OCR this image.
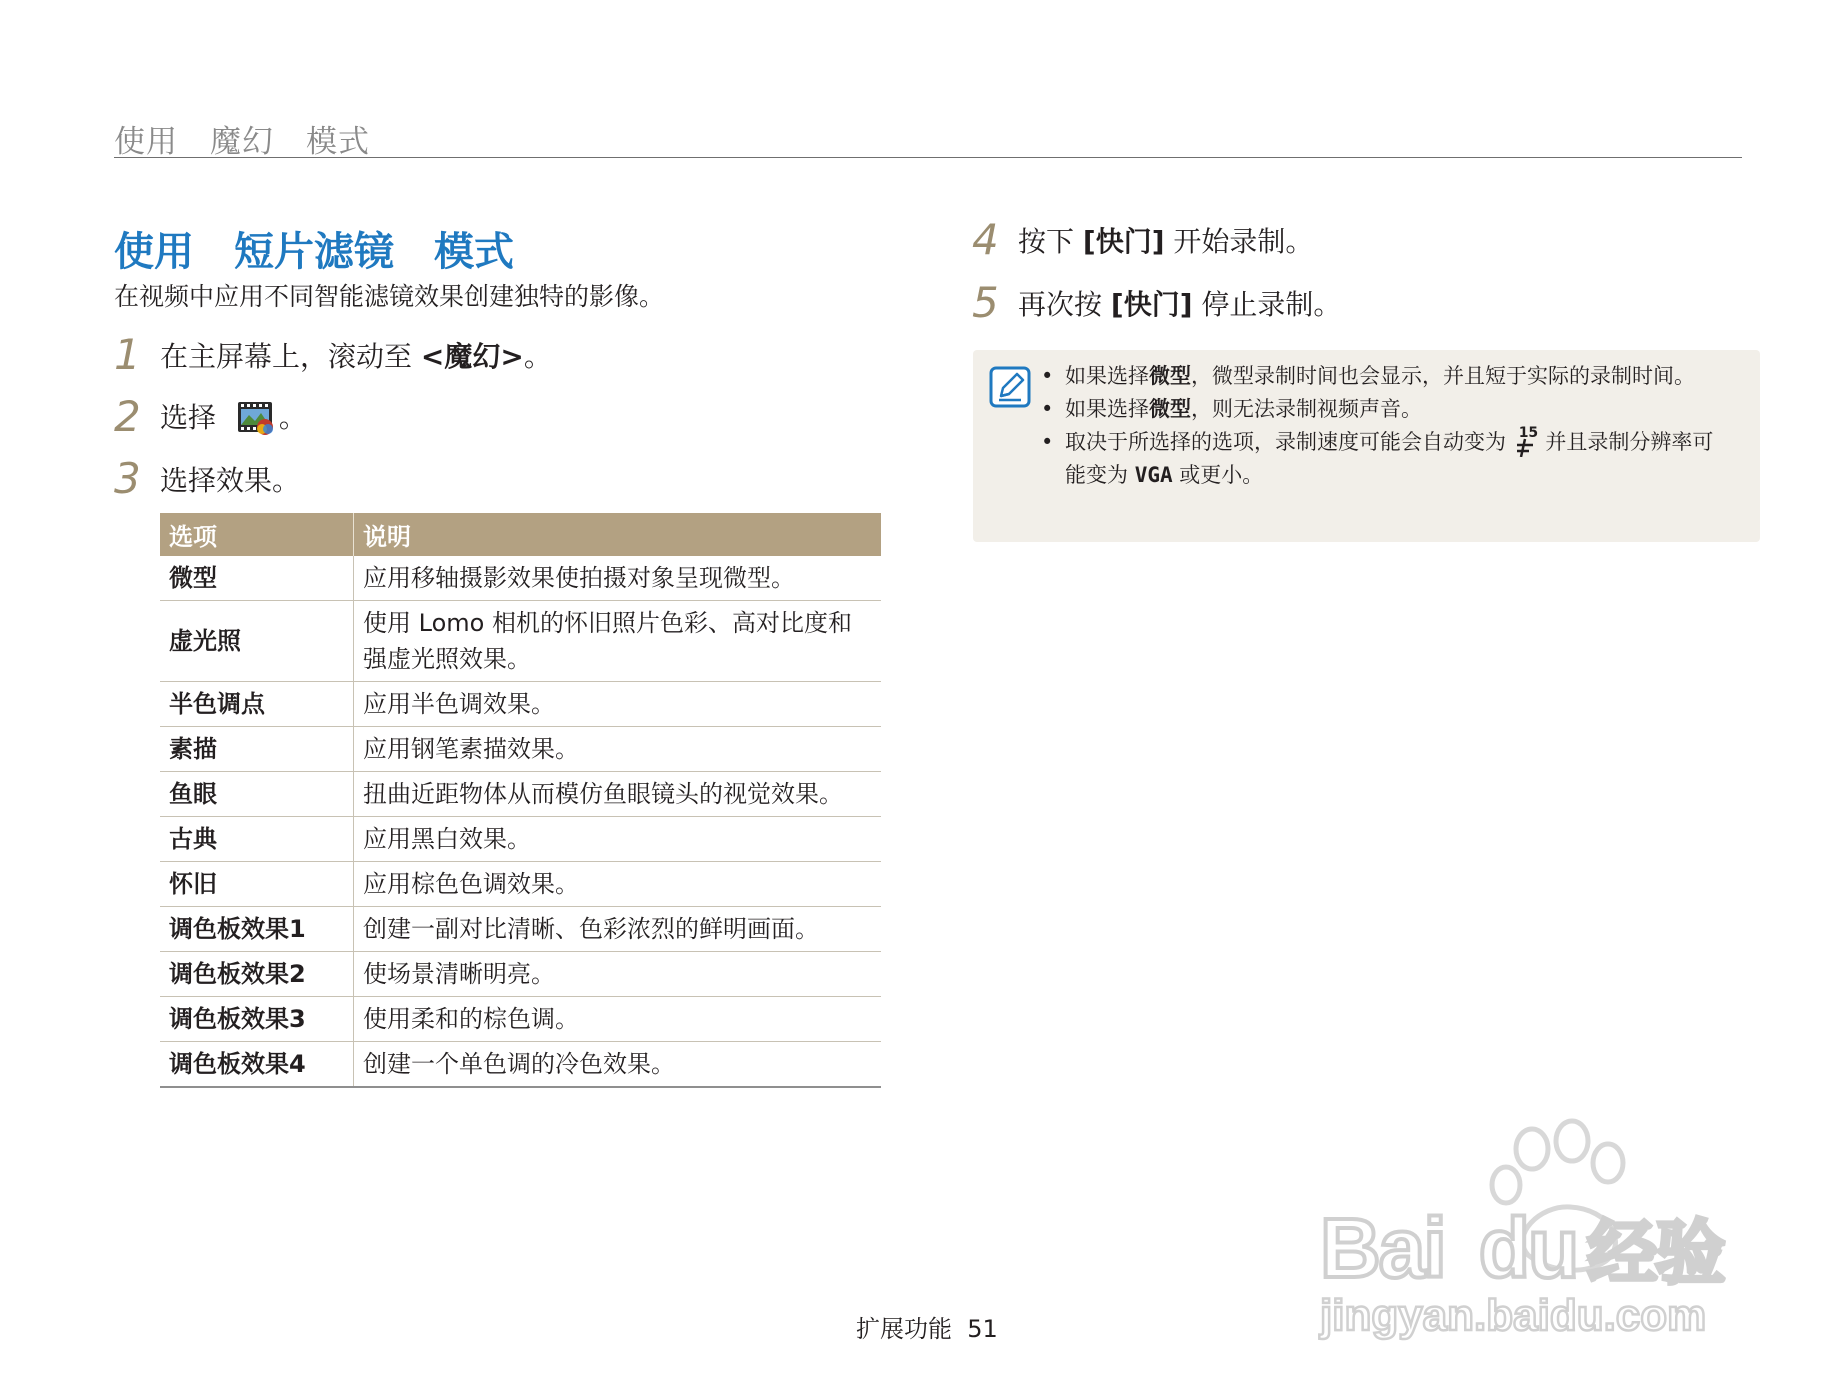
使用　魔幻　模式
使用　短片滤镜　模式
在视频中应用不同智能滤镜效果创建独特的影像。
1 在主屏幕上，滚动至 <魔幻>。
2 选择 。
3 选择效果。
选项	说明
微型	应用移轴摄影效果使拍摄对象呈现微型。
虚光照	使用 Lomo 相机的怀旧照片色彩、高对比度和强虚光照效果。
半色调点	应用半色调效果。
素描	应用钢笔素描效果。
鱼眼	扭曲近距物体从而模仿鱼眼镜头的视觉效果。
古典	应用黑白效果。
怀旧	应用棕色色调效果。
调色板效果1	创建一副对比清晰、色彩浓烈的鲜明画面。
调色板效果2	使场景清晰明亮。
调色板效果3	使用柔和的棕色调。
调色板效果4	创建一个单色调的冷色效果。
4 按下 [快门] 开始录制。
5 再次按 [快门] 停止录制。
• 如果选择微型，微型录制时间也会显示，并且短于实际的录制时间。
• 如果选择微型，则无法录制视频声音。
• 取决于所选择的选项，录制速度可能会自动变为 15 并且录制分辨率可能变为 VGA 或更小。
扩展功能 51
Bai du 经验
jingyan.baidu.com
